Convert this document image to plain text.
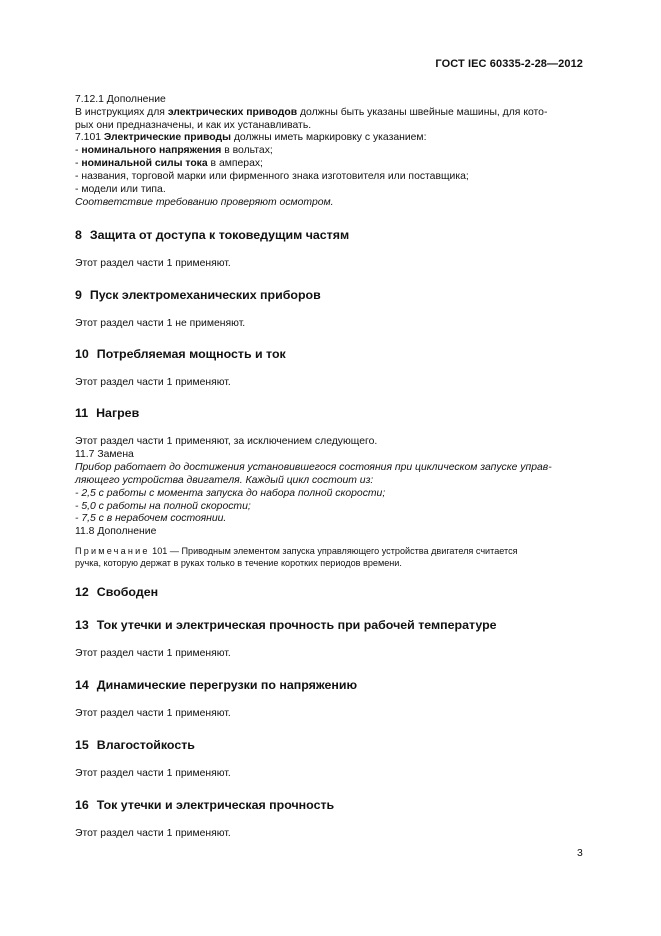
ГОСТ IEC 60335-2-28—2012
7.12.1 Дополнение
В инструкциях для электрических приводов должны быть указаны швейные машины, для кото-
рых они предназначены, и как их устанавливать.
7.101 Электрические приводы должны иметь маркировку с указанием:
- номинального напряжения в вольтах;
- номинальной силы тока в амперах;
- названия, торговой марки или фирменного знака изготовителя или поставщика;
- модели или типа.
Соответствие требованию проверяют осмотром.
8 Защита от доступа к токоведущим частям
Этот раздел части 1 применяют.
9 Пуск электромеханических приборов
Этот раздел части 1 не применяют.
10 Потребляемая мощность и ток
Этот раздел части 1 применяют.
11 Нагрев
Этот раздел части 1 применяют, за исключением следующего.
11.7 Замена
Прибор работает до достижения установившегося состояния при циклическом запуске управ-
ляющего устройства двигателя. Каждый цикл состоит из:
- 2,5 с работы с момента запуска до набора полной скорости;
- 5,0 с работы на полной скорости;
- 7,5 с в нерабочем состоянии.
11.8 Дополнение
Примечание 101 — Приводным элементом запуска управляющего устройства двигателя считается
ручка, которую держат в руках только в течение коротких периодов времени.
12 Свободен
13 Ток утечки и электрическая прочность при рабочей температуре
Этот раздел части 1 применяют.
14 Динамические перегрузки по напряжению
Этот раздел части 1 применяют.
15 Влагостойкость
Этот раздел части 1 применяют.
16 Ток утечки и электрическая прочность
Этот раздел части 1 применяют.
3
